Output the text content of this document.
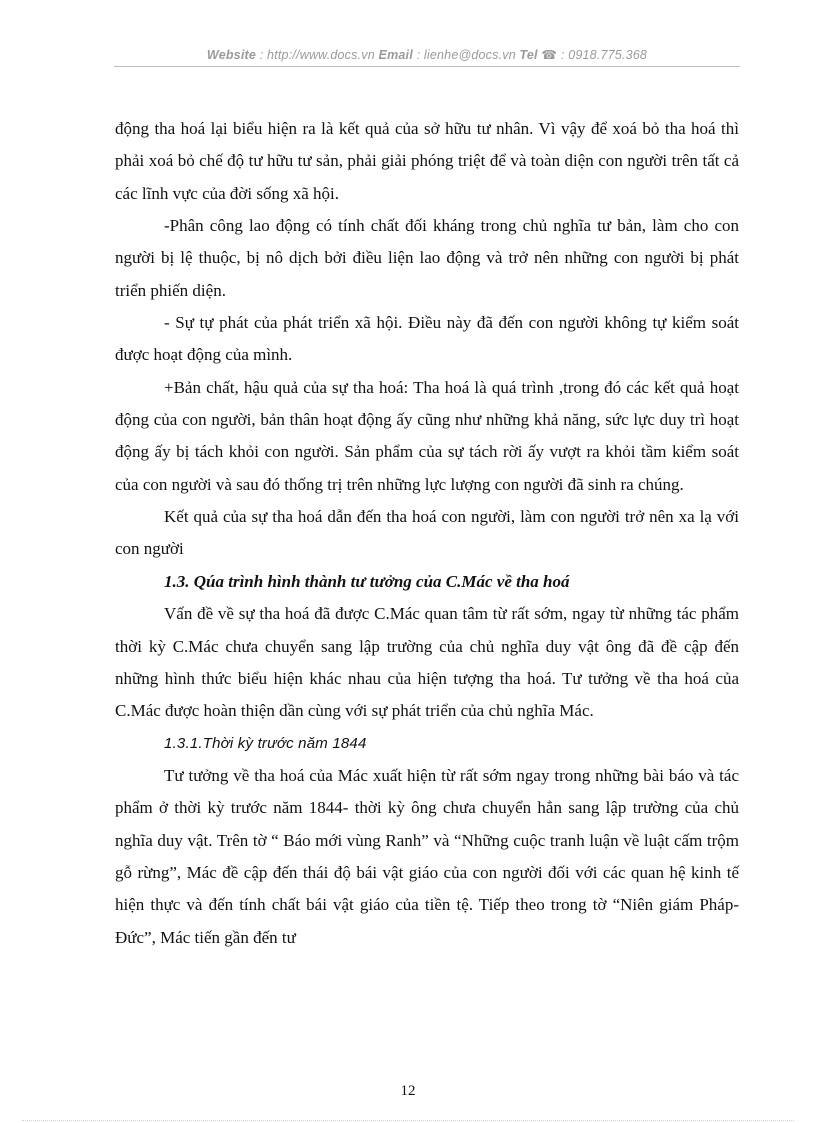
Website : http://www.docs.vn Email : lienhe@docs.vn Tel ☎ : 0918.775.368

động tha hoá lại biểu hiện ra là kết quả của sở hữu tư nhân. Vì vậy để xoá bỏ tha hoá thì phải xoá bỏ chế độ tư hữu tư sản, phải giải phóng triệt để và toàn diện con người trên tất cả các lĩnh vực của đời sống xã hội.

-Phân công lao động có tính chất đối kháng trong chủ nghĩa tư bản, làm cho con người bị lệ thuộc, bị nô dịch bởi điều liện lao động và trở nên những con người bị phát triển phiến diện.

- Sự tự phát của phát triển xã hội. Điều này đã đến con người không tự kiểm soát được hoạt động của mình.

+Bản chất, hậu quả của sự tha hoá: Tha hoá là quá trình ,trong đó các kết quả hoạt động của con người, bản thân hoạt động ấy cũng như những khả năng, sức lực duy trì hoạt động ấy bị tách khỏi con người. Sản phẩm của sự tách rời ấy vượt ra khỏi tầm kiểm soát của con người và sau đó thống trị trên những lực lượng con người đã sinh ra chúng.

Kết quả của sự tha hoá dẫn đến tha hoá con người, làm con người trở nên xa lạ với con người

1.3. Qúa trình hình thành tư tưởng của C.Mác về tha hoá

Vấn đề về sự tha hoá đã được C.Mác quan tâm từ rất sớm, ngay từ những tác phẩm thời kỳ C.Mác chưa chuyển sang lập trường của chủ nghĩa duy vật ông đã đề cập đến những hình thức biểu hiện khác nhau của hiện tượng tha hoá. Tư tưởng về tha hoá của C.Mác được hoàn thiện dần cùng với sự phát triển của chủ nghĩa Mác.

1.3.1.Thời kỳ trước năm 1844

Tư tưởng về tha hoá của Mác xuất hiện từ rất sớm ngay trong những bài báo và tác phẩm ở thời kỳ trước năm 1844- thời kỳ ông chưa chuyển hẳn sang lập trường của chủ nghĩa duy vật. Trên tờ “ Báo mới vùng Ranh” và “Những cuộc tranh luận về luật cấm trộm gỗ rừng”, Mác đề cập đến thái độ bái vật giáo của con người đối với các quan hệ kinh tế hiện thực và đến tính chất bái vật giáo của tiền tệ. Tiếp theo trong tờ “Niên giám Pháp- Đức”, Mác tiến gần đến tư

12
